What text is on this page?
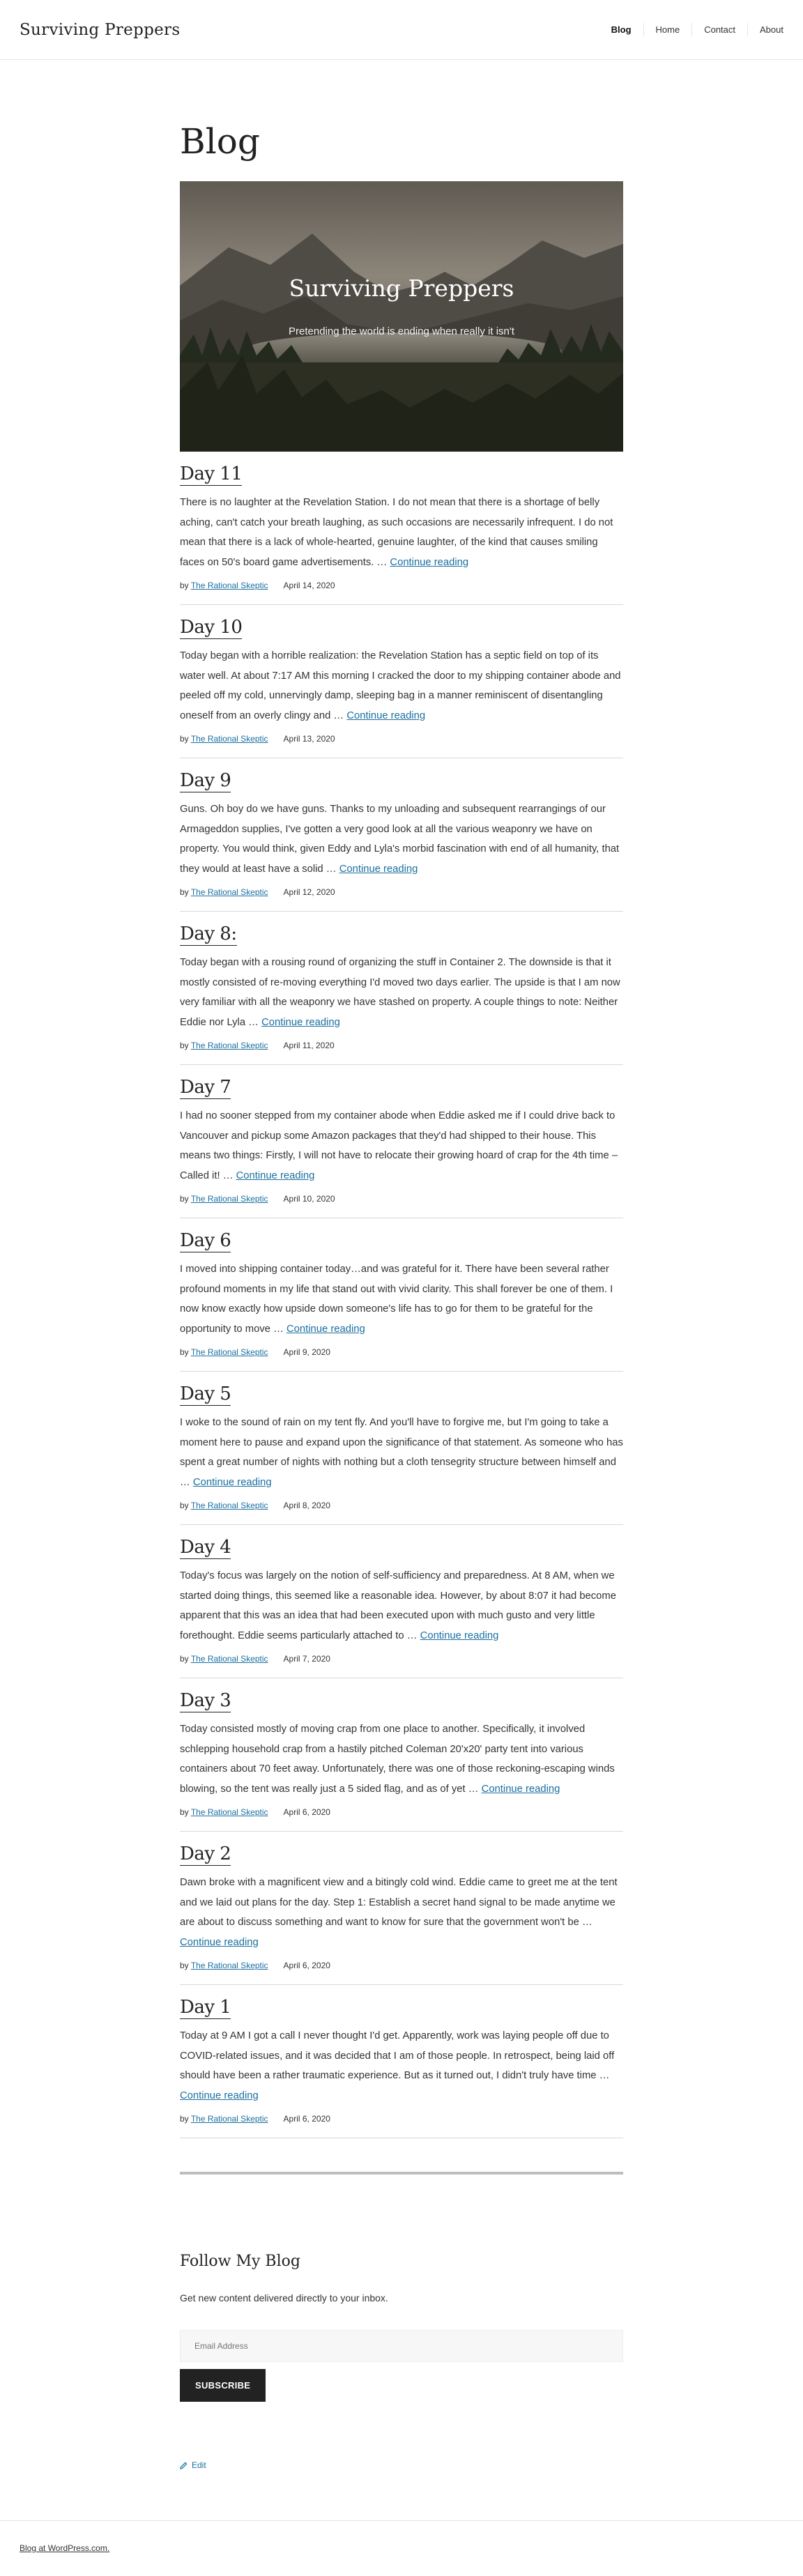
Surviving Preppers	Blog	Home	Contact	About
Blog
Surviving Preppers
Pretending the world is ending when really it isn't
Day 11

There is no laughter at the Revelation Station. I do not mean that there is a shortage of belly aching, can't catch your breath laughing, as such occasions are necessarily infrequent. I do not mean that there is a lack of whole-hearted, genuine laughter, of the kind that causes smiling faces on 50's board game advertisements. … Continue reading

by The Rational Skeptic April 14, 2020
Day 10

Today began with a horrible realization: the Revelation Station has a septic field on top of its water well. At about 7:17 AM this morning I cracked the door to my shipping container abode and peeled off my cold, unnervingly damp, sleeping bag in a manner reminiscent of disentangling oneself from an overly clingy and … Continue reading

by The Rational Skeptic April 13, 2020
Day 9

Guns. Oh boy do we have guns. Thanks to my unloading and subsequent rearrangings of our Armageddon supplies, I've gotten a very good look at all the various weaponry we have on property. You would think, given Eddy and Lyla's morbid fascination with end of all humanity, that they would at least have a solid … Continue reading

by The Rational Skeptic April 12, 2020
Day 8:

Today began with a rousing round of organizing the stuff in Container 2. The downside is that it mostly consisted of re-moving everything I'd moved two days earlier. The upside is that I am now very familiar with all the weaponry we have stashed on property. A couple things to note: Neither Eddie nor Lyla … Continue reading

by The Rational Skeptic April 11, 2020
Day 7

I had no sooner stepped from my container abode when Eddie asked me if I could drive back to Vancouver and pickup some Amazon packages that they'd had shipped to their house. This means two things: Firstly, I will not have to relocate their growing hoard of crap for the 4th time – Called it! … Continue reading

by The Rational Skeptic April 10, 2020
Day 6

I moved into shipping container today…and was grateful for it. There have been several rather profound moments in my life that stand out with vivid clarity. This shall forever be one of them. I now know exactly how upside down someone's life has to go for them to be grateful for the opportunity to move … Continue reading

by The Rational Skeptic April 9, 2020
Day 5

I woke to the sound of rain on my tent fly. And you'll have to forgive me, but I'm going to take a moment here to pause and expand upon the significance of that statement. As someone who has spent a great number of nights with nothing but a cloth tensegrity structure between himself and … Continue reading

by The Rational Skeptic April 8, 2020
Day 4

Today's focus was largely on the notion of self-sufficiency and preparedness. At 8 AM, when we started doing things, this seemed like a reasonable idea. However, by about 8:07 it had become apparent that this was an idea that had been executed upon with much gusto and very little forethought. Eddie seems particularly attached to … Continue reading

by The Rational Skeptic April 7, 2020
Day 3

Today consisted mostly of moving crap from one place to another. Specifically, it involved schlepping household crap from a hastily pitched Coleman 20'x20' party tent into various containers about 70 feet away. Unfortunately, there was one of those reckoning-escaping winds blowing, so the tent was really just a 5 sided flag, and as of yet … Continue reading

by The Rational Skeptic April 6, 2020
Day 2

Dawn broke with a magnificent view and a bitingly cold wind. Eddie came to greet me at the tent and we laid out plans for the day. Step 1: Establish a secret hand signal to be made anytime we are about to discuss something and want to know for sure that the government won't be … Continue reading

by The Rational Skeptic April 6, 2020
Day 1

Today at 9 AM I got a call I never thought I'd get. Apparently, work was laying people off due to COVID-related issues, and it was decided that I am of those people. In retrospect, being laid off should have been a rather traumatic experience. But as it turned out, I didn't truly have time … Continue reading

by The Rational Skeptic April 6, 2020
Follow My Blog

Get new content delivered directly to your inbox.

Email Address SUBSCRIBE
Edit
Blog at WordPress.com.
